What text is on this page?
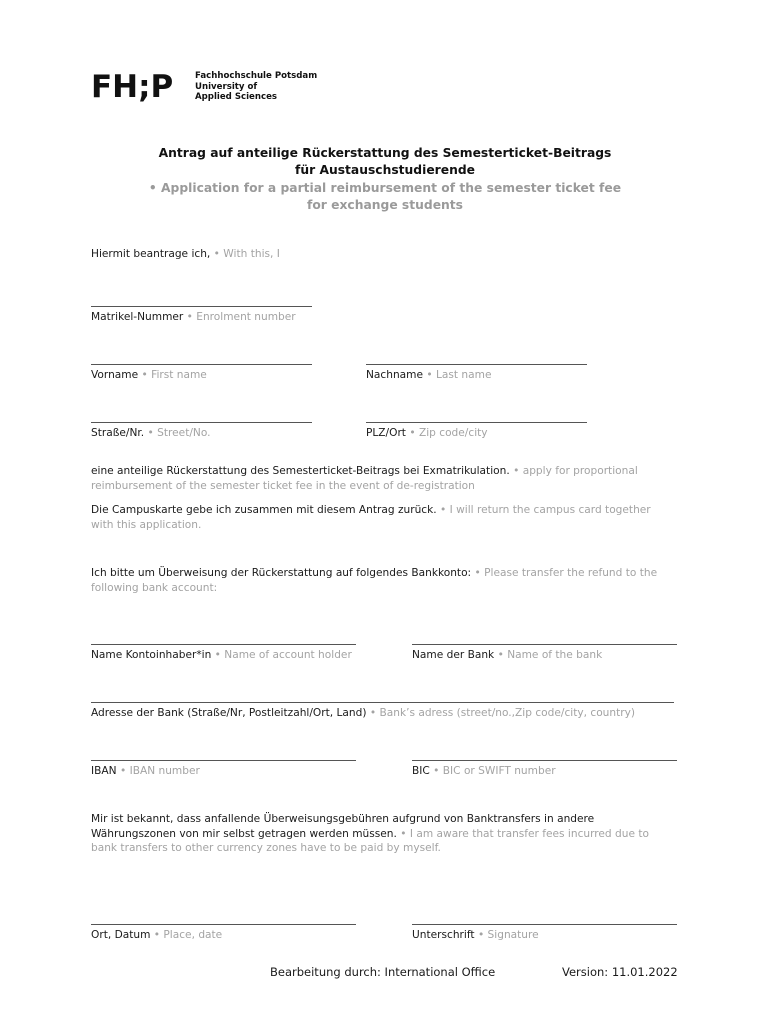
FH;P	Fachhochschule Potsdam
University of
Applied Sciences
Antrag auf anteilige Rückerstattung des Semesterticket-Beitrags
für Austauschstudierende
• Application for a partial reimbursement of the semester ticket fee
for exchange students
Hiermit beantrage ich, • With this, I
Matrikel-Nummer • Enrolment number
Vorname • First name	Nachname • Last name
Straße/Nr. • Street/No.	PLZ/Ort • Zip code/city
eine anteilige Rückerstattung des Semesterticket-Beitrags bei Exmatrikulation. • apply for proportional
reimbursement of the semester ticket fee in the event of de-registration
Die Campuskarte gebe ich zusammen mit diesem Antrag zurück. • I will return the campus card together
with this application.
Ich bitte um Überweisung der Rückerstattung auf folgendes Bankkonto: • Please transfer the refund to the
following bank account:
Name Kontoinhaber*in • Name of account holder	Name der Bank • Name of the bank
Adresse der Bank (Straße/Nr, Postleitzahl/Ort, Land) • Bank’s adress (street/no.,Zip code/city, country)
IBAN • IBAN number	BIC • BIC or SWIFT number
Mir ist bekannt, dass anfallende Überweisungsgebühren aufgrund von Banktransfers in andere
Währungszonen von mir selbst getragen werden müssen. • I am aware that transfer fees incurred due to
bank transfers to other currency zones have to be paid by myself.
Ort, Datum • Place, date	Unterschrift • Signature
Bearbeitung durch: International Office	Version: 11.01.2022
